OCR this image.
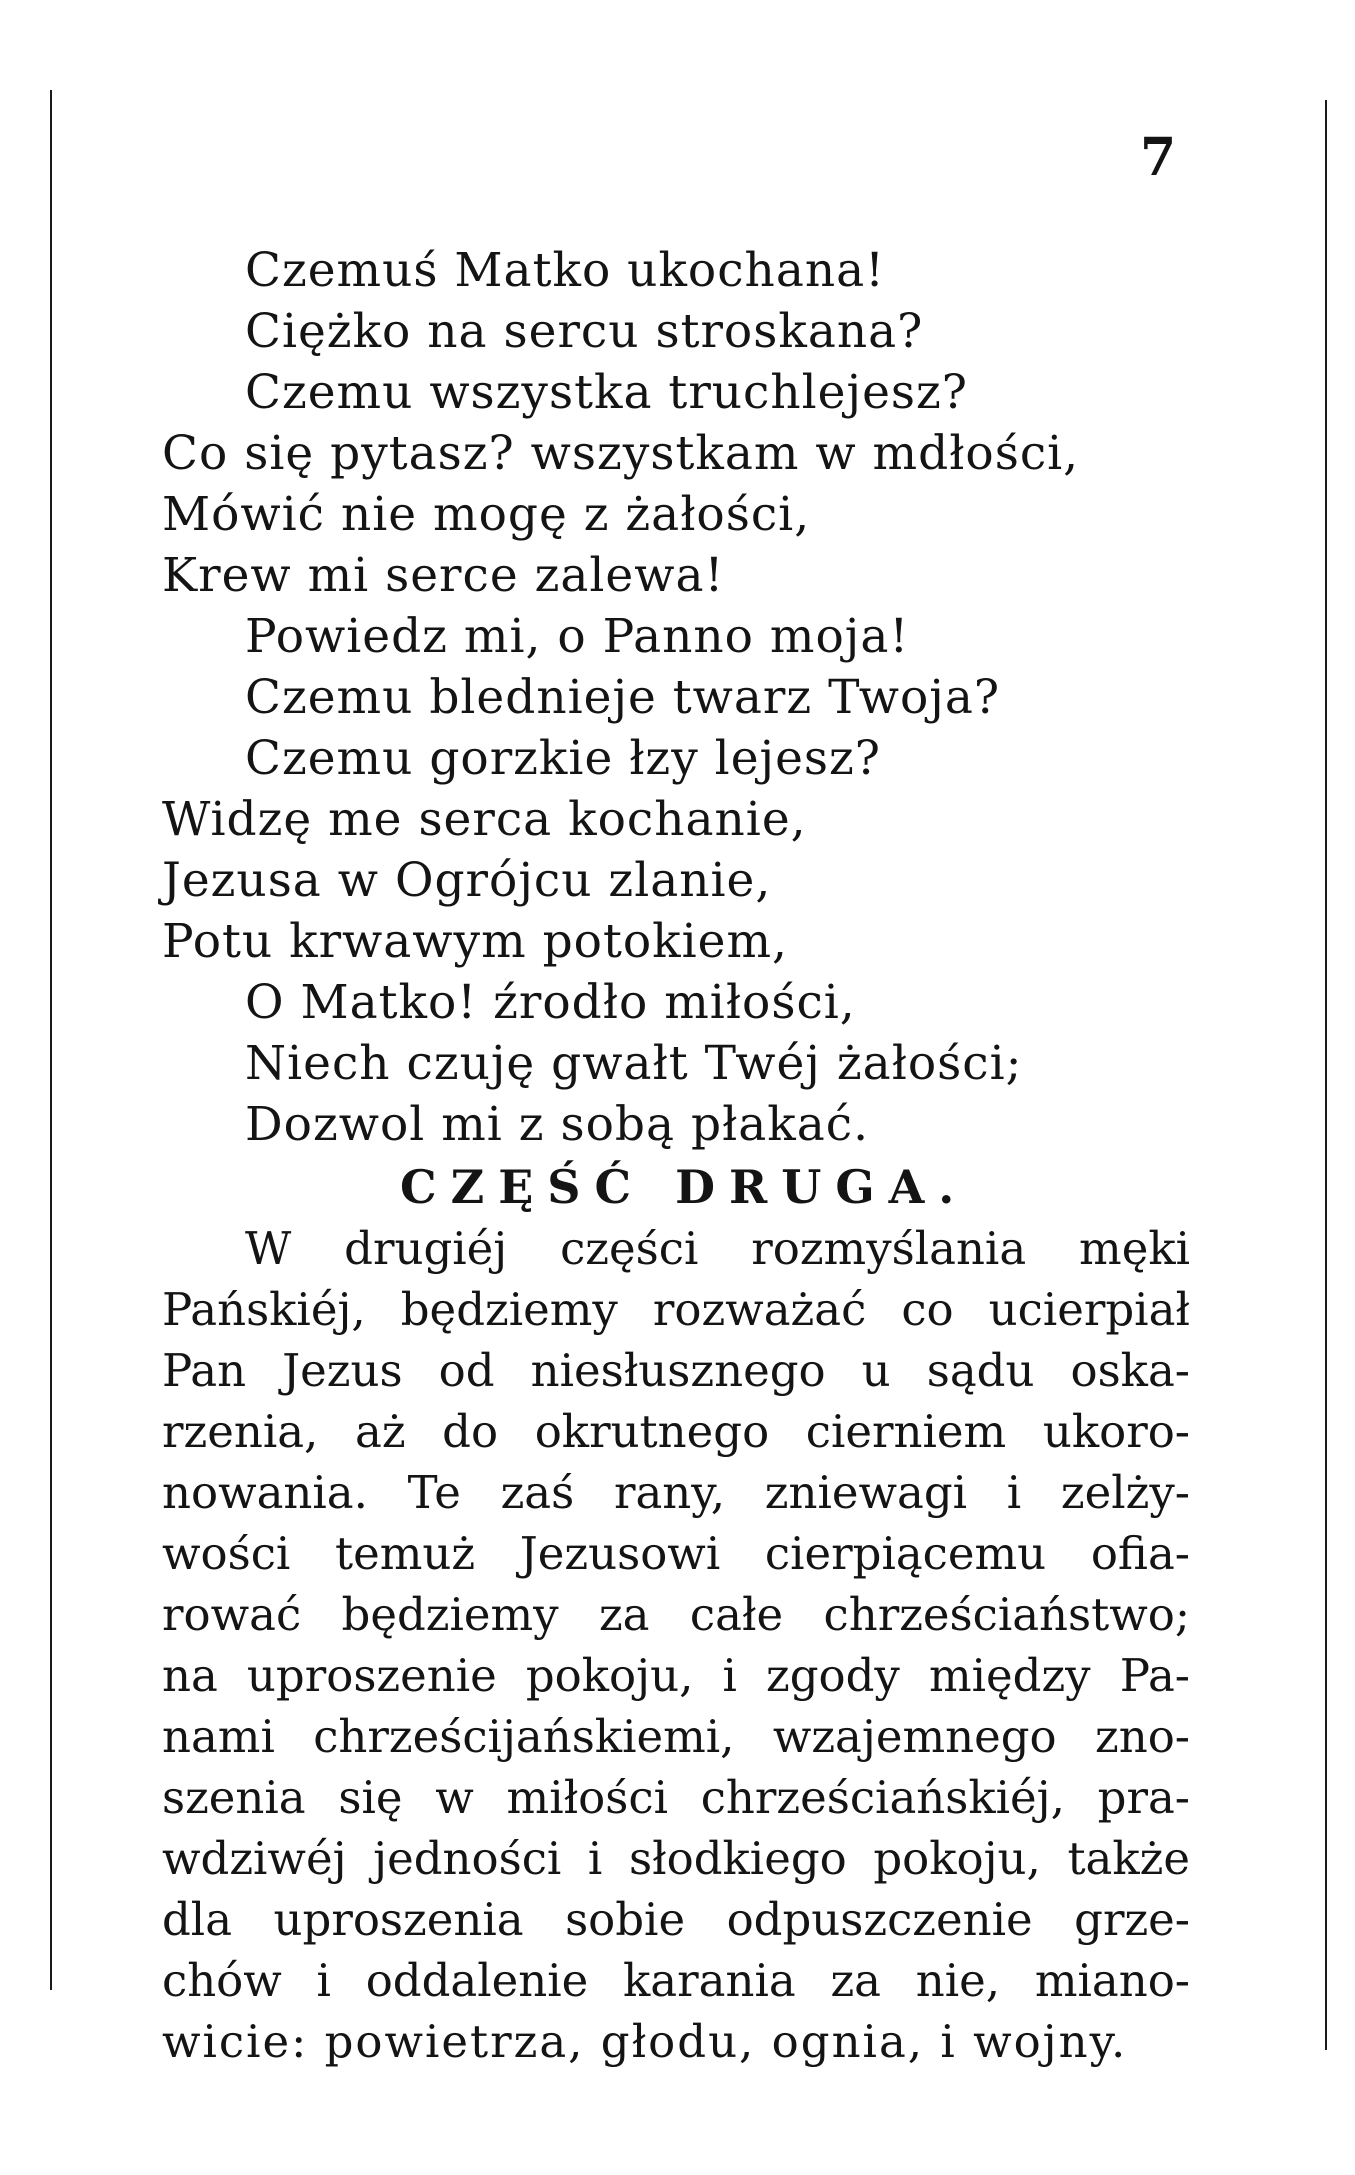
7
Czemuś Matko ukochana!
Ciężko na sercu stroskana?
Czemu wszystka truchlejesz?
Co się pytasz? wszystkam w mdłości,
Mówić nie mogę z żałości,
Krew mi serce zalewa!
Powiedz mi, o Panno moja!
Czemu blednieje twarz Twoja?
Czemu gorzkie łzy lejesz?
Widzę me serca kochanie,
Jezusa w Ogrójcu zlanie,
Potu krwawym potokiem,
O Matko! źrodło miłości,
Niech czuję gwałt Twéj żałości;
Dozwol mi z sobą płakać.
CZĘŚĆ DRUGA.
W drugiéj części rozmyślania męki
Pańskiéj, będziemy rozważać co ucierpiał
Pan Jezus od niesłusznego u sądu oska-
rzenia, aż do okrutnego cierniem ukoro-
nowania. Te zaś rany, zniewagi i zelży-
wości temuż Jezusowi cierpiącemu ofia-
rować będziemy za całe chrześciaństwo;
na uproszenie pokoju, i zgody między Pa-
nami chrześcijańskiemi, wzajemnego zno-
szenia się w miłości chrześciańskiéj, pra-
wdziwéj jedności i słodkiego pokoju, także
dla uproszenia sobie odpuszczenie grze-
chów i oddalenie karania za nie, miano-
wicie: powietrza, głodu, ognia, i wojny.
